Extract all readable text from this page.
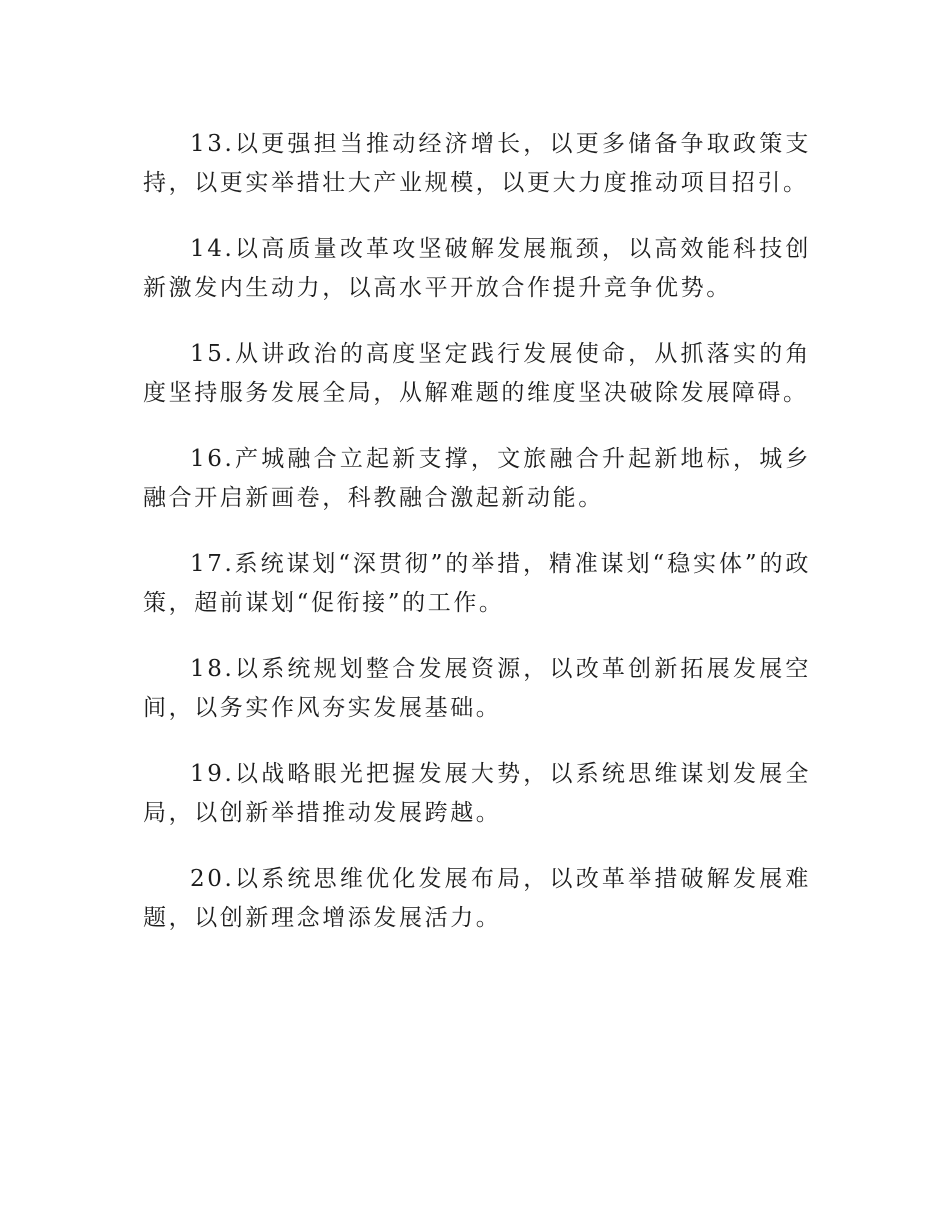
13.以更强担当推动经济增长，以更多储备争取政策支持，以更实举措壮大产业规模，以更大力度推动项目招引。

14.以高质量改革攻坚破解发展瓶颈，以高效能科技创新激发内生动力，以高水平开放合作提升竞争优势。

15.从讲政治的高度坚定践行发展使命，从抓落实的角度坚持服务发展全局，从解难题的维度坚决破除发展障碍。

16.产城融合立起新支撑，文旅融合升起新地标，城乡融合开启新画卷，科教融合激起新动能。

17.系统谋划“深贯彻”的举措，精准谋划“稳实体”的政策，超前谋划“促衔接”的工作。

18.以系统规划整合发展资源，以改革创新拓展发展空间，以务实作风夯实发展基础。

19.以战略眼光把握发展大势，以系统思维谋划发展全局，以创新举措推动发展跨越。

20.以系统思维优化发展布局，以改革举措破解发展难题，以创新理念增添发展活力。
